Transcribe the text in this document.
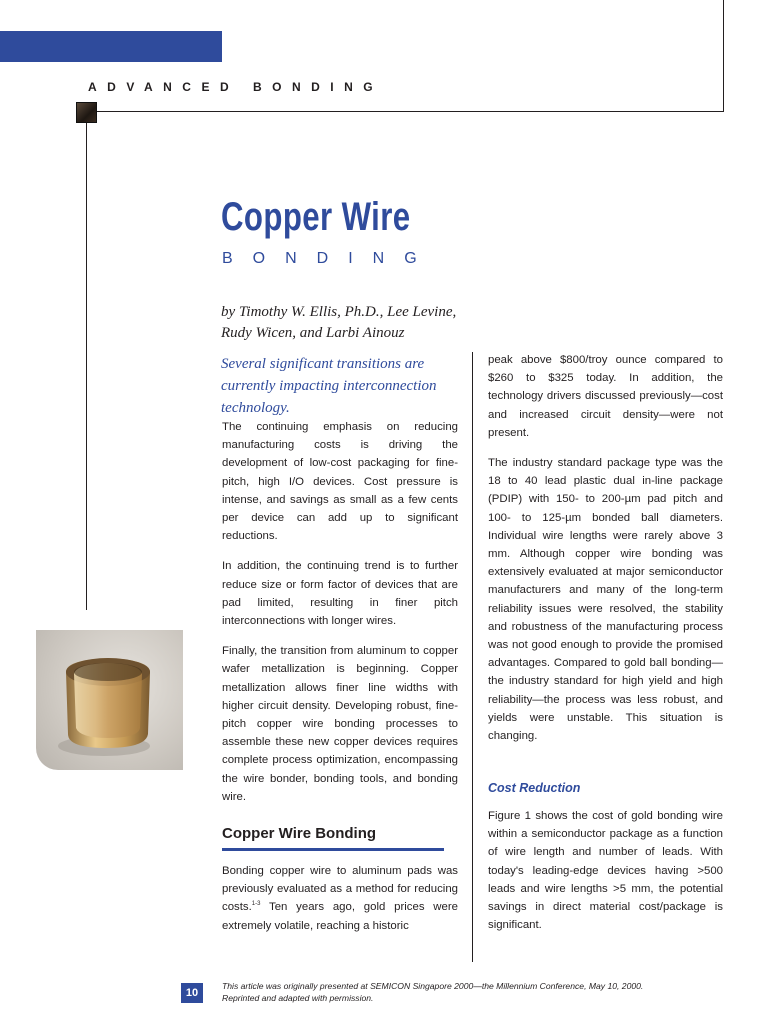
ADVANCED BONDING
Copper Wire
BONDING
by Timothy W. Ellis, Ph.D., Lee Levine, Rudy Wicen, and Larbi Ainouz
Several significant transitions are currently impacting interconnection technology.

The continuing emphasis on reducing manufacturing costs is driving the development of low-cost packaging for fine-pitch, high I/O devices. Cost pressure is intense, and savings as small as a few cents per device can add up to significant reductions.

In addition, the continuing trend is to further reduce size or form factor of devices that are pad limited, resulting in finer pitch interconnections with longer wires.

Finally, the transition from aluminum to copper wafer metallization is beginning. Copper metallization allows finer line widths with higher circuit density. Developing robust, fine-pitch copper wire bonding processes to assemble these new copper devices requires complete process optimization, encompassing the wire bonder, bonding tools, and bonding wire.

Copper Wire Bonding

Bonding copper wire to aluminum pads was previously evaluated as a method for reducing costs.$^{1-3}$ Ten years ago, gold prices were extremely volatile, reaching a historic

peak above $800/troy ounce compared to $260 to $325 today. In addition, the technology drivers discussed previously—cost and increased circuit density—were not present.

The industry standard package type was the 18 to 40 lead plastic dual in-line package (PDIP) with 150- to 200-µm pad pitch and 100- to 125-µm bonded ball diameters. Individual wire lengths were rarely above 3 mm. Although copper wire bonding was extensively evaluated at major semiconductor manufacturers and many of the long-term reliability issues were resolved, the stability and robustness of the manufacturing process was not good enough to provide the promised advantages. Compared to gold ball bonding—the industry standard for high yield and high reliability—the process was less robust, and yields were unstable. This situation is changing.

Cost Reduction

Figure 1 shows the cost of gold bonding wire within a semiconductor package as a function of wire length and number of leads. With today's leading-edge devices having >500 leads and wire lengths >5 mm, the potential savings in direct material cost/package is significant.

10
This article was originally presented at SEMICON Singapore 2000—the Millennium Conference, May 10, 2000.
Reprinted and adapted with permission.
